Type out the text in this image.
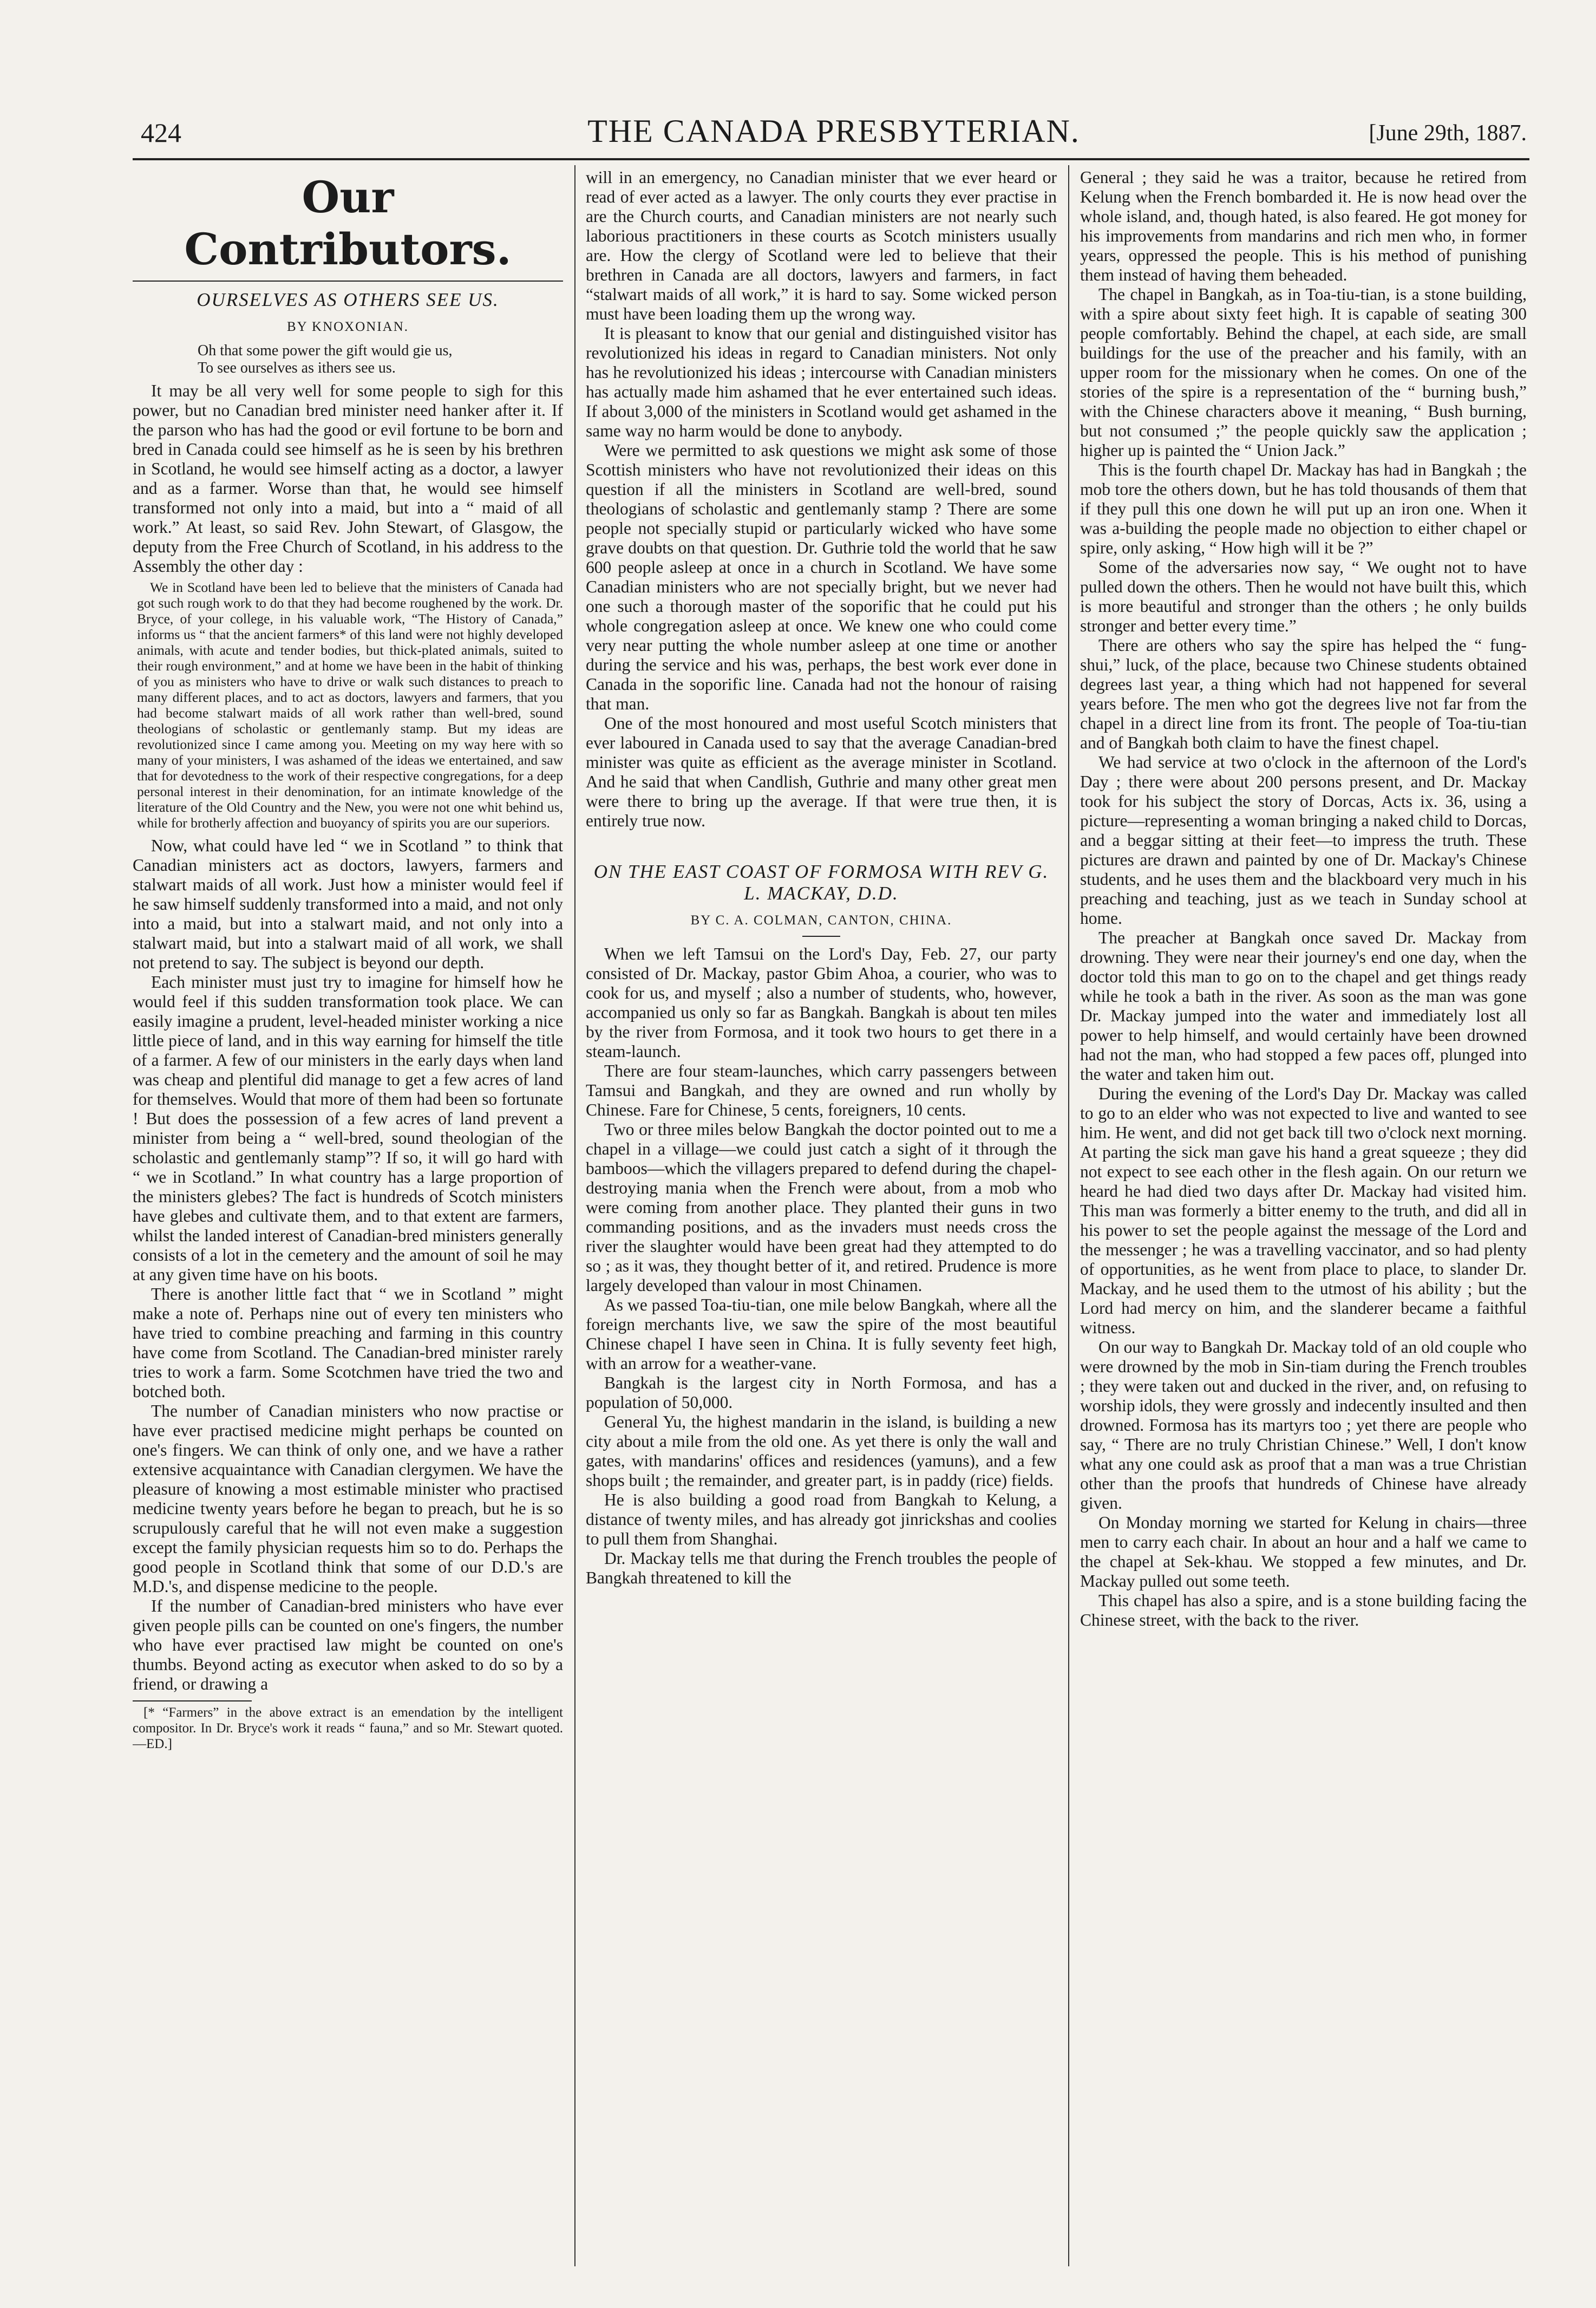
424	THE CANADA PRESBYTERIAN.	[June 29th, 1887.
Our Contributors.
OURSELVES AS OTHERS SEE US.
BY KNOXONIAN.
Oh that some power the gift would gie us,
To see ourselves as ithers see us.

It may be all very well for some people to sigh for this power, but no Canadian bred minister need hanker after it. If the parson who has had the good or evil fortune to be born and bred in Canada could see himself as he is seen by his brethren in Scotland, he would see himself acting as a doctor, a lawyer and as a farmer. Worse than that, he would see himself transformed not only into a maid, but into a “ maid of all work.” At least, so said Rev. John Stewart, of Glasgow, the deputy from the Free Church of Scotland, in his address to the Assembly the other day :

We in Scotland have been led to believe that the ministers of Canada had got such rough work to do that they had become roughened by the work. Dr. Bryce, of your college, in his valuable work, “The History of Canada,” informs us “ that the ancient farmers* of this land were not highly developed animals, with acute and tender bodies, but thick-plated animals, suited to their rough environment,” and at home we have been in the habit of thinking of you as ministers who have to drive or walk such distances to preach to many different places, and to act as doctors, lawyers and farmers, that you had become stalwart maids of all work rather than well-bred, sound theologians of scholastic or gentlemanly stamp. But my ideas are revolutionized since I came among you. Meeting on my way here with so many of your ministers, I was ashamed of the ideas we entertained, and saw that for devotedness to the work of their respective congregations, for a deep personal interest in their denomination, for an intimate knowledge of the literature of the Old Country and the New, you were not one whit behind us, while for brotherly affection and buoyancy of spirits you are our superiors.

Now, what could have led “ we in Scotland ” to think that Canadian ministers act as doctors, lawyers, farmers and stalwart maids of all work. Just how a minister would feel if he saw himself suddenly transformed into a maid, and not only into a maid, but into a stalwart maid, and not only into a stalwart maid, but into a stalwart maid of all work, we shall not pretend to say. The subject is beyond our depth.

Each minister must just try to imagine for himself how he would feel if this sudden transformation took place. We can easily imagine a prudent, level-headed minister working a nice little piece of land, and in this way earning for himself the title of a farmer. A few of our ministers in the early days when land was cheap and plentiful did manage to get a few acres of land for themselves. Would that more of them had been so fortunate ! But does the possession of a few acres of land prevent a minister from being a “ well-bred, sound theologian of the scholastic and gentlemanly stamp”? If so, it will go hard with “ we in Scotland.” In what country has a large proportion of the ministers glebes? The fact is hundreds of Scotch ministers have glebes and cultivate them, and to that extent are farmers, whilst the landed interest of Canadian-bred ministers generally consists of a lot in the cemetery and the amount of soil he may at any given time have on his boots.

There is another little fact that “ we in Scotland ” might make a note of. Perhaps nine out of every ten ministers who have tried to combine preaching and farming in this country have come from Scotland. The Canadian-bred minister rarely tries to work a farm. Some Scotchmen have tried the two and botched both.

The number of Canadian ministers who now practise or have ever practised medicine might perhaps be counted on one's fingers. We can think of only one, and we have a rather extensive acquaintance with Canadian clergymen. We have the pleasure of knowing a most estimable minister who practised medicine twenty years before he began to preach, but he is so scrupulously careful that he will not even make a suggestion except the family physician requests him so to do. Perhaps the good people in Scotland think that some of our D.D.'s are M.D.'s, and dispense medicine to the people.

If the number of Canadian-bred ministers who have ever given people pills can be counted on one's fingers, the number who have ever practised law might be counted on one's thumbs. Beyond acting as executor when asked to do so by a friend, or drawing a

[* “Farmers” in the above extract is an emendation by the intelligent compositor. In Dr. Bryce's work it reads “ fauna,” and so Mr. Stewart quoted.—ED.]

will in an emergency, no Canadian minister that we ever heard or read of ever acted as a lawyer. The only courts they ever practise in are the Church courts, and Canadian ministers are not nearly such laborious practitioners in these courts as Scotch ministers usually are. How the clergy of Scotland were led to believe that their brethren in Canada are all doctors, lawyers and farmers, in fact “stalwart maids of all work,” it is hard to say. Some wicked person must have been loading them up the wrong way.

It is pleasant to know that our genial and distinguished visitor has revolutionized his ideas in regard to Canadian ministers. Not only has he revolutionized his ideas ; intercourse with Canadian ministers has actually made him ashamed that he ever entertained such ideas. If about 3,000 of the ministers in Scotland would get ashamed in the same way no harm would be done to anybody.

Were we permitted to ask questions we might ask some of those Scottish ministers who have not revolutionized their ideas on this question if all the ministers in Scotland are well-bred, sound theologians of scholastic and gentlemanly stamp ? There are some people not specially stupid or particularly wicked who have some grave doubts on that question. Dr. Guthrie told the world that he saw 600 people asleep at once in a church in Scotland. We have some Canadian ministers who are not specially bright, but we never had one such a thorough master of the soporific that he could put his whole congregation asleep at once. We knew one who could come very near putting the whole number asleep at one time or another during the service and his was, perhaps, the best work ever done in Canada in the soporific line. Canada had not the honour of raising that man.

One of the most honoured and most useful Scotch ministers that ever laboured in Canada used to say that the average Canadian-bred minister was quite as efficient as the average minister in Scotland. And he said that when Candlish, Guthrie and many other great men were there to bring up the average. If that were true then, it is entirely true now.

ON THE EAST COAST OF FORMOSA WITH REV G. L. MACKAY, D.D.
BY C. A. COLMAN, CANTON, CHINA.

When we left Tamsui on the Lord's Day, Feb. 27, our party consisted of Dr. Mackay, pastor Gbim Ahoa, a courier, who was to cook for us, and myself ; also a number of students, who, however, accompanied us only so far as Bangkah. Bangkah is about ten miles by the river from Formosa, and it took two hours to get there in a steam-launch.

There are four steam-launches, which carry passengers between Tamsui and Bangkah, and they are owned and run wholly by Chinese. Fare for Chinese, 5 cents, foreigners, 10 cents.

Two or three miles below Bangkah the doctor pointed out to me a chapel in a village—we could just catch a sight of it through the bamboos—which the villagers prepared to defend during the chapel-destroying mania when the French were about, from a mob who were coming from another place. They planted their guns in two commanding positions, and as the invaders must needs cross the river the slaughter would have been great had they attempted to do so ; as it was, they thought better of it, and retired. Prudence is more largely developed than valour in most Chinamen.

As we passed Toa-tiu-tian, one mile below Bangkah, where all the foreign merchants live, we saw the spire of the most beautiful Chinese chapel I have seen in China. It is fully seventy feet high, with an arrow for a weather-vane.

Bangkah is the largest city in North Formosa, and has a population of 50,000.

General Yu, the highest mandarin in the island, is building a new city about a mile from the old one. As yet there is only the wall and gates, with mandarins' offices and residences (yamuns), and a few shops built ; the remainder, and greater part, is in paddy (rice) fields.

He is also building a good road from Bangkah to Kelung, a distance of twenty miles, and has already got jinrickshas and coolies to pull them from Shanghai.

Dr. Mackay tells me that during the French troubles the people of Bangkah threatened to kill the

General ; they said he was a traitor, because he retired from Kelung when the French bombarded it. He is now head over the whole island, and, though hated, is also feared. He got money for his improvements from mandarins and rich men who, in former years, oppressed the people. This is his method of punishing them instead of having them beheaded.

The chapel in Bangkah, as in Toa-tiu-tian, is a stone building, with a spire about sixty feet high. It is capable of seating 300 people comfortably. Behind the chapel, at each side, are small buildings for the use of the preacher and his family, with an upper room for the missionary when he comes. On one of the stories of the spire is a representation of the “ burning bush,” with the Chinese characters above it meaning, “ Bush burning, but not consumed ;” the people quickly saw the application ; higher up is painted the “ Union Jack.”

This is the fourth chapel Dr. Mackay has had in Bangkah ; the mob tore the others down, but he has told thousands of them that if they pull this one down he will put up an iron one. When it was a-building the people made no objection to either chapel or spire, only asking, “ How high will it be ?”

Some of the adversaries now say, “ We ought not to have pulled down the others. Then he would not have built this, which is more beautiful and stronger than the others ; he only builds stronger and better every time.”

There are others who say the spire has helped the “ fung-shui,” luck, of the place, because two Chinese students obtained degrees last year, a thing which had not happened for several years before. The men who got the degrees live not far from the chapel in a direct line from its front. The people of Toa-tiu-tian and of Bangkah both claim to have the finest chapel.

We had service at two o'clock in the afternoon of the Lord's Day ; there were about 200 persons present, and Dr. Mackay took for his subject the story of Dorcas, Acts ix. 36, using a picture—representing a woman bringing a naked child to Dorcas, and a beggar sitting at their feet—to impress the truth. These pictures are drawn and painted by one of Dr. Mackay's Chinese students, and he uses them and the blackboard very much in his preaching and teaching, just as we teach in Sunday school at home.

The preacher at Bangkah once saved Dr. Mackay from drowning. They were near their journey's end one day, when the doctor told this man to go on to the chapel and get things ready while he took a bath in the river. As soon as the man was gone Dr. Mackay jumped into the water and immediately lost all power to help himself, and would certainly have been drowned had not the man, who had stopped a few paces off, plunged into the water and taken him out.

During the evening of the Lord's Day Dr. Mackay was called to go to an elder who was not expected to live and wanted to see him. He went, and did not get back till two o'clock next morning. At parting the sick man gave his hand a great squeeze ; they did not expect to see each other in the flesh again. On our return we heard he had died two days after Dr. Mackay had visited him. This man was formerly a bitter enemy to the truth, and did all in his power to set the people against the message of the Lord and the messenger ; he was a travelling vaccinator, and so had plenty of opportunities, as he went from place to place, to slander Dr. Mackay, and he used them to the utmost of his ability ; but the Lord had mercy on him, and the slanderer became a faithful witness.

On our way to Bangkah Dr. Mackay told of an old couple who were drowned by the mob in Sin-tiam during the French troubles ; they were taken out and ducked in the river, and, on refusing to worship idols, they were grossly and indecently insulted and then drowned. Formosa has its martyrs too ; yet there are people who say, “ There are no truly Christian Chinese.” Well, I don't know what any one could ask as proof that a man was a true Christian other than the proofs that hundreds of Chinese have already given.

On Monday morning we started for Kelung in chairs—three men to carry each chair. In about an hour and a half we came to the chapel at Sek-khau. We stopped a few minutes, and Dr. Mackay pulled out some teeth.

This chapel has also a spire, and is a stone building facing the Chinese street, with the back to the river.
